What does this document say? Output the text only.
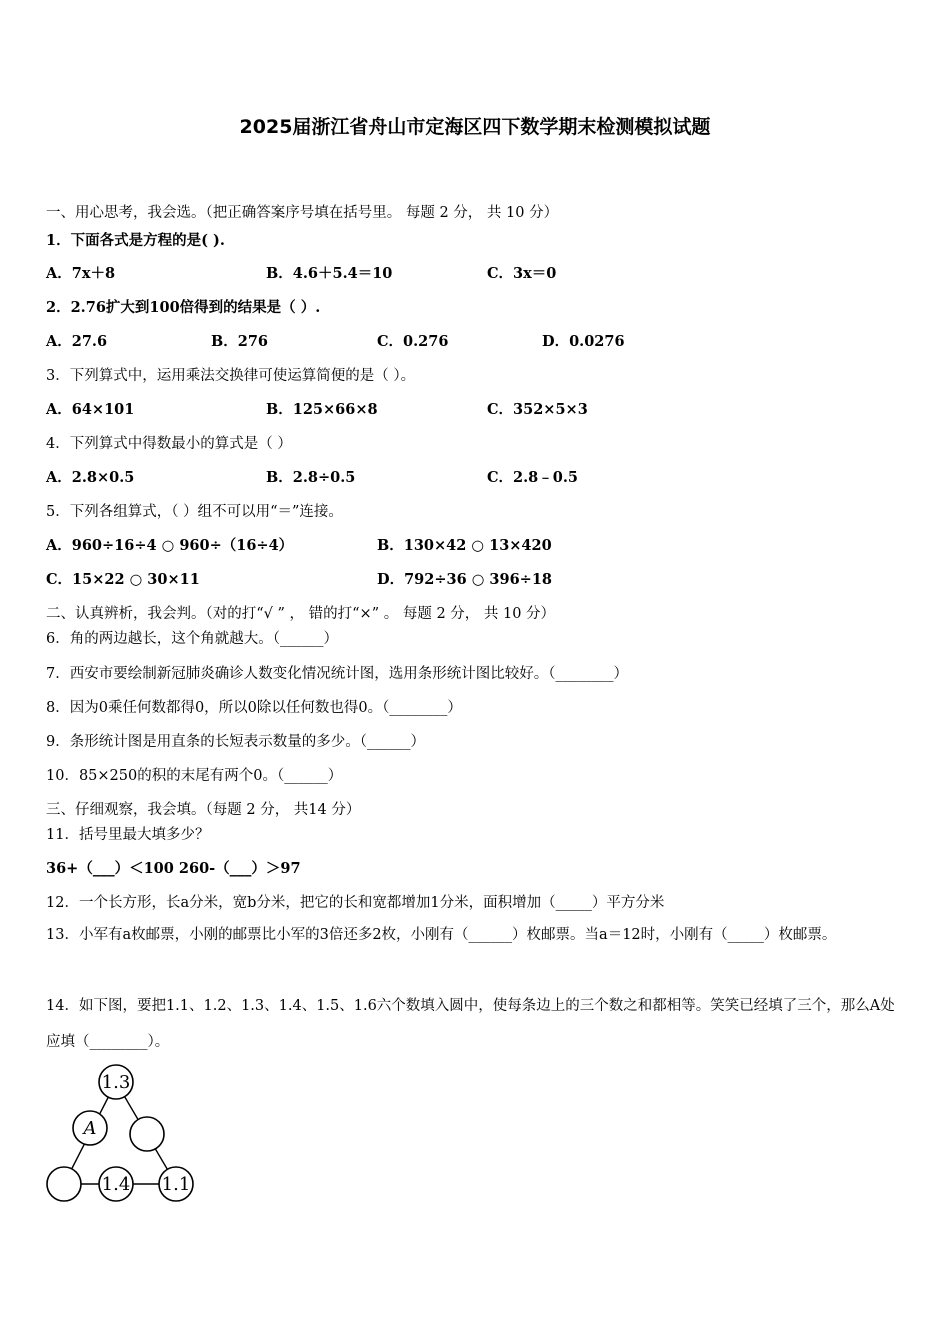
2025届浙江省舟山市定海区四下数学期末检测模拟试题
一、用心思考，我会选。（把正确答案序号填在括号里。 每题 2 分， 共 10 分）
1．下面各式是方程的是( ).
A．7x＋8	B．4.6＋5.4＝10	C．3x＝0
2．2.76扩大到100倍得到的结果是（ ）.
A．27.6	B．276	C．0.276	D．0.0276
3．下列算式中，运用乘法交换律可使运算简便的是（ ）。
A．64×101	B．125×66×8	C．352×5×3
4．下列算式中得数最小的算式是（ ）
A．2.8×0.5	B．2.8÷0.5	C．2.8﹣0.5
5．下列各组算式，（ ）组不可以用“＝”连接。
A．960÷16÷4 ○ 960÷（16÷4）	B．130×42 ○ 13×420
C．15×22 ○ 30×11	D．792÷36 ○ 396÷18
二、认真辨析，我会判。（对的打“√ ” ， 错的打“×” 。 每题 2 分， 共 10 分）
6．角的两边越长，这个角就越大。（______）
7．西安市要绘制新冠肺炎确诊人数变化情况统计图，选用条形统计图比较好。（________）
8．因为0乘任何数都得0，所以0除以任何数也得0。（________）
9．条形统计图是用直条的长短表示数量的多少。（______）
10．85×250的积的末尾有两个0。（______）
三、仔细观察，我会填。（每题 2 分， 共14 分）
11．括号里最大填多少？
36+（___）＜100 260-（___）＞97
12．一个长方形，长a分米，宽b分米，把它的长和宽都增加1分米，面积增加（_____）平方分米
13．小军有a枚邮票，小刚的邮票比小军的3倍还多2枚，小刚有（______）枚邮票。当a＝12时，小刚有（_____）枚邮票。
14．如下图，要把1.1、1.2、1.3、1.4、1.5、1.6六个数填入圆中，使每条边上的三个数之和都相等。笑笑已经填了三个，那么A处应填（________）。
1.3
A
1.4 1.1
